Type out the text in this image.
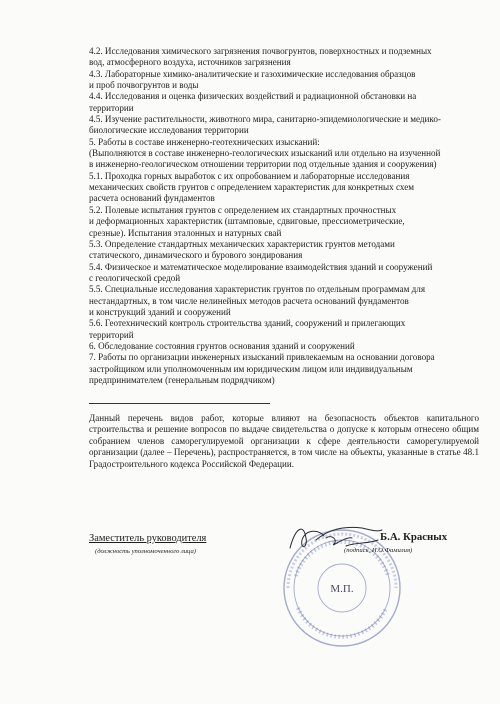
4.2. Исследования химического загрязнения почвогрунтов, поверхностных и подземных

вод, атмосферного воздуха, источников загрязнения

4.3. Лабораторные химико-аналитические и газохимические исследования образцов

и проб почвогрунтов и воды

4.4. Исследования и оценка физических воздействий и радиационной обстановки на

территории

4.5. Изучение растительности, животного мира, санитарно-эпидемиологические и медико-

биологические исследования территории

5. Работы в составе инженерно-геотехнических изысканий:

(Выполняются в составе инженерно-геологических изысканий или отдельно на изученной

в инженерно-геологическом отношении территории под отдельные здания и сооружения)

5.1. Проходка горных выработок с их опробованием и лабораторные исследования

механических свойств грунтов с определением характеристик для конкретных схем

расчета оснований фундаментов

5.2. Полевые испытания грунтов с определением их стандартных прочностных

и деформационных характеристик (штамповые, сдвиговые, прессиометрические,

срезные). Испытания эталонных и натурных свай

5.3. Определение стандартных механических характеристик грунтов методами

статического, динамического и бурового зондирования

5.4. Физическое и математическое моделирование взаимодействия зданий и сооружений

с геологической средой

5.5. Специальные исследования характеристик грунтов по отдельным программам для

нестандартных, в том числе нелинейных методов расчета оснований фундаментов

и конструкций зданий и сооружений

5.6. Геотехнический контроль строительства зданий, сооружений и прилегающих

территорий

6. Обследование состояния грунтов основания зданий и сооружений

7. Работы по организации инженерных изысканий привлекаемым на основании договора

застройщиком или уполномоченным им юридическим лицом или индивидуальным

предпринимателем (генеральным подрядчиком)

Данный перечень видов работ, которые влияют на безопасность объектов капитального строительства и решение вопросов по выдаче свидетельства о допуске к которым отнесено общим собранием членов саморегулируемой организации к сфере деятельности саморегулируемой организации (далее – Перечень), распространяется, в том числе на объекты, указанные в статье 48.1 Градостроительного кодекса Российской Федерации.

М.П.
Заместитель руководителя
(должность уполномоченного лица)
Б.А. Красных
(подпись, И.О.Фамилия)
